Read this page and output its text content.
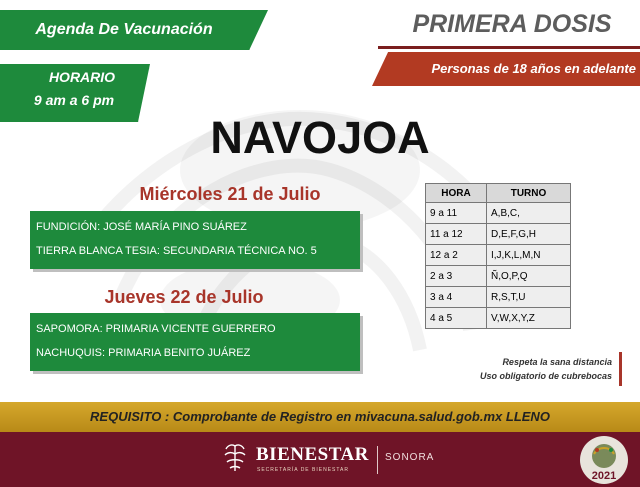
Agenda De Vacunación
HORARIO
9 am a 6 pm
PRIMERA DOSIS
Personas de 18 años en adelante
NAVOJOA
Miércoles 21 de Julio
FUNDICIÓN: JOSÉ MARÍA PINO SUÁREZ
TIERRA BLANCA TESIA: SECUNDARIA TÉCNICA NO. 5
Jueves 22 de Julio
SAPOMORA: PRIMARIA VICENTE GUERRERO
NACHUQUIS: PRIMARIA BENITO JUÁREZ
HORA	TURNO
9 a 11	A,B,C,
11 a 12	D,E,F,G,H
12 a 2	I,J,K,L,M,N
2 a 3	Ñ,O,P,Q
3 a 4	R,S,T,U
4 a 5	V,W,X,Y,Z
Respeta la sana distancia
Uso obligatorio de cubrebocas
REQUISITO : Comprobante de Registro en mivacuna.salud.gob.mx LLENO
BIENESTAR
SECRETARÍA DE BIENESTAR
SONORA
2021
